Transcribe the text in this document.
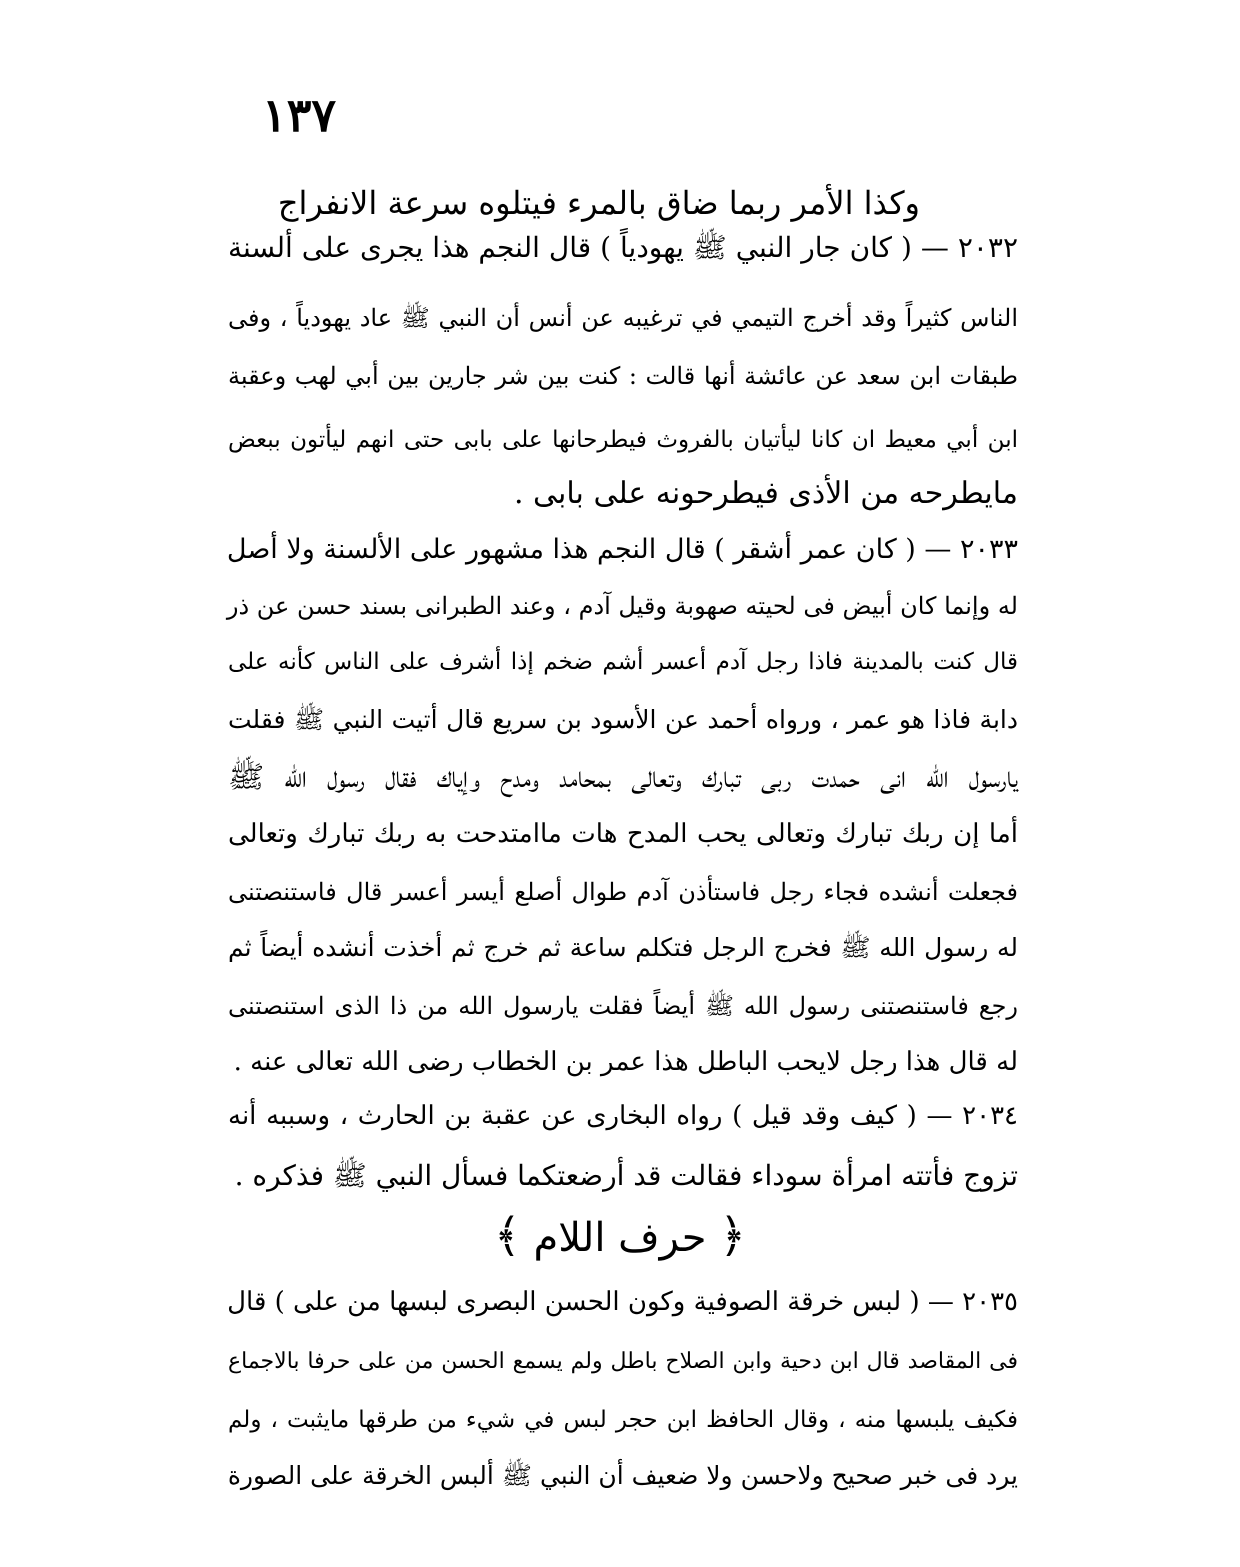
١٣٧
وكذا الأمر ربما ضاق بالمر
ء فيتلوه سرعة الانفراج
٢٠٣٢ — ( كان جار النبي ﷺ يهودياً ) قال النجم هذا يجرى على ألسنة
الناس كثيراً وقد أخرج التيمي في ترغيبه عن أنس أن النبي ﷺ عاد يهودياً ، وفى
طبقات ابن سعد عن عائشة أنها قالت : كنت بين شر جارين بين أبي لهب وعقبة
ابن أبي معيط ان كانا ليأتيان بالفروث فيطرحانها على بابى حتى انهم ليأتون ببعض
مايطرحه من الأذى فيطرحونه على بابى .
٢٠٣٣ — ( كان عمر أشقر ) قال النجم هذا مشهور على الألسنة ولا أصل
له وإنما كان أبيض فى لحيته صهوبة وقيل آدم ، وعند الطبرانى بسند حسن عن ذر
قال كنت بالمدينة فاذا رجل آدم أعسر أشم ضخم إذا أشرف على الناس كأنه على
دابة فاذا هو عمر ، ورواه أحمد عن الأسود بن سريع قال أتيت النبي ﷺ فقلت
يارسول الله انى حمدت ربى تبارك وتعالى بمحامد ومدح وإياك فقال رسول الله ﷺ
أما إن ربك تبارك وتعالى يحب المدح هات ماامتدحت به ربك تبارك وتعالى
فجعلت أنشده فجاء رجل فاستأذن آدم طوال أصلع أيسر أعسر قال فاستنصتنى
له رسول الله ﷺ فخرج الرجل فتكلم ساعة ثم خرج ثم أخذت أنشده أيضاً ثم
رجع فاستنصتنى رسول الله ﷺ أيضاً فقلت يارسول الله من ذا الذى استنصتنى
له قال هذا رجل لايحب الباطل هذا عمر بن الخطاب رضى الله تعالى عنه .
٢٠٣٤ — ( كيف وقد قيل ) رواه البخارى عن عقبة بن الحارث ، وسببه أنه
تزوج فأتته امرأة سوداء فقالت قد أرضعتكما فسأل النبي ﷺ فذكره .
﴿ حرف اللام ﴾
٢٠٣٥ — ( لبس خرقة الصوفية وكون الحسن البصرى لبسها من على ) قال
فى المقاصد قال ابن دحية وابن الصلاح باطل ولم يسمع الحسن من على حرفا بالاجماع
فكيف يلبسها منه ، وقال الحافظ ابن حجر لبس في شيء من طرقها مايثبت ، ولم
يرد فى خبر صحيح ولاحسن ولا ضعيف أن النبي ﷺ ألبس الخرقة على الصورة
